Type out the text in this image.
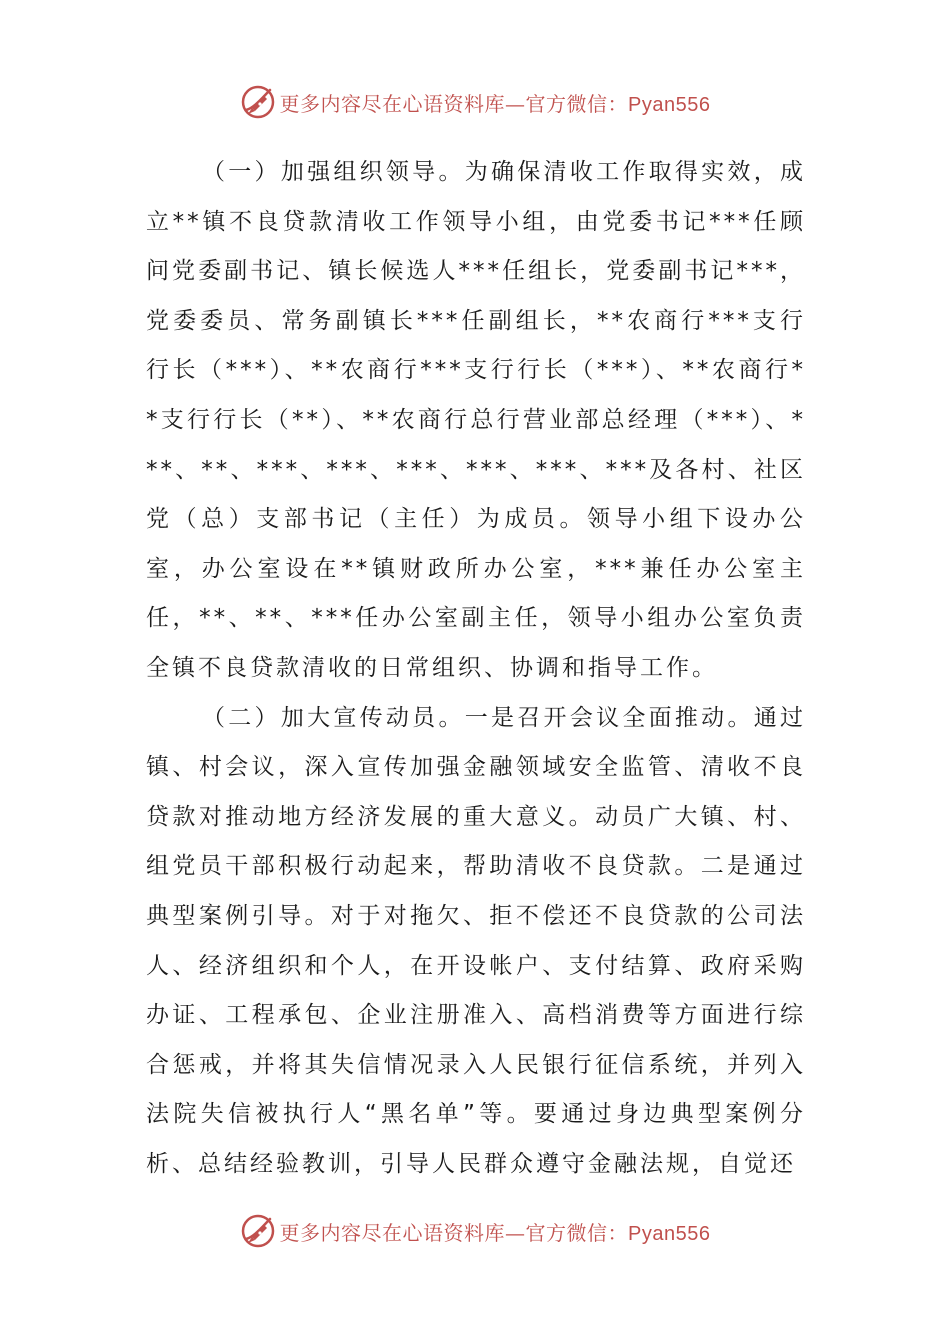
更多内容尽在心语资料库—官方微信：Pyan556

（一）加强组织领导。为确保清收工作取得实效，成立**镇不良贷款清收工作领导小组，由党委书记***任顾问党委副书记、镇长候选人***任组长，党委副书记***，党委委员、常务副镇长***任副组长，**农商行***支行行长（***）、**农商行***支行行长（***）、**农商行**支行行长（**）、**农商行总行营业部总经理（***）、***、**、***、***、***、***、***、***及各村、社区党（总）支部书记（主任）为成员。领导小组下设办公室，办公室设在**镇财政所办公室，***兼任办公室主任，**、**、***任办公室副主任，领导小组办公室负责全镇不良贷款清收的日常组织、协调和指导工作。

（二）加大宣传动员。一是召开会议全面推动。通过镇、村会议，深入宣传加强金融领域安全监管、清收不良贷款对推动地方经济发展的重大意义。动员广大镇、村、组党员干部积极行动起来，帮助清收不良贷款。二是通过典型案例引导。对于对拖欠、拒不偿还不良贷款的公司法人、经济组织和个人，在开设帐户、支付结算、政府采购办证、工程承包、企业注册准入、高档消费等方面进行综合惩戒，并将其失信情况录入人民银行征信系统，并列入法院失信被执行人“黑名单”等。要通过身边典型案例分析、总结经验教训，引导人民群众遵守金融法规，自觉还

更多内容尽在心语资料库—官方微信：Pyan556
